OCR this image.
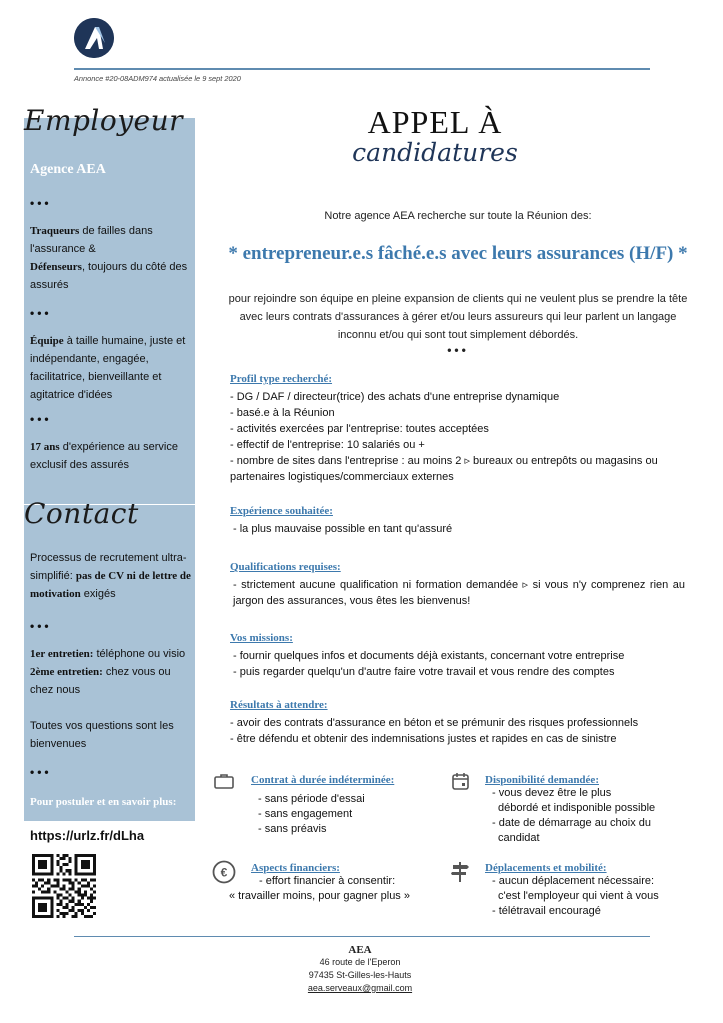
Annonce #20-08ADM974 actualisée le 9 sept 2020
Agence AEA
•••
Traqueurs de failles dans l'assurance &
Défenseurs, toujours du côté des assurés
•••
Équipe à taille humaine, juste et indépendante, engagée, facilitatrice, bienveillante et agitatrice d'idées
•••
17 ans d'expérience au service exclusif des assurés
Employeur
Processus de recrutement ultra-simplifié: pas de CV ni de lettre de motivation exigés
•••
1er entretien: téléphone ou visio
2ème entretien: chez vous ou chez nous
Toutes vos questions sont les bienvenues
•••
Pour postuler et en savoir plus:
Contact
https://urlz.fr/dLha
APPEL À
candidatures
Notre agence AEA recherche sur toute la Réunion des:
* entrepreneur.e.s fâché.e.s avec leurs assurances (H/F) *
pour rejoindre son équipe en pleine expansion de clients qui ne veulent plus se prendre la tête avec leurs contrats d'assurances à gérer et/ou leurs assureurs qui leur parlent un langage inconnu et/ou qui sont tout simplement débordés.
•••
Profil type recherché:
- DG / DAF / directeur(trice) des achats d'une entreprise dynamique
- basé.e à la Réunion
- activités exercées par l'entreprise: toutes acceptées
- effectif de l'entreprise: 10 salariés ou +
- nombre de sites dans l'entreprise : au moins 2 ▹ bureaux ou entrepôts ou magasins ou partenaires logistiques/commerciaux externes
Expérience souhaitée:
- la plus mauvaise possible en tant qu'assuré
Qualifications requises:
- strictement aucune qualification ni formation demandée ▹ si vous n'y comprenez rien au jargon des assurances, vous êtes les bienvenus!
Vos missions:
- fournir quelques infos et documents déjà existants, concernant votre entreprise
- puis regarder quelqu'un d'autre faire votre travail et vous rendre des comptes
Résultats à attendre:
- avoir des contrats d'assurance en béton et se prémunir des risques professionnels
- être défendu et obtenir des indemnisations justes et rapides en cas de sinistre
Contrat à durée indéterminée:
- sans période d'essai
- sans engagement
- sans préavis
Disponibilité demandée:
- vous devez être le plus
débordé et indisponible possible
- date de démarrage au choix du
candidat
€	Aspects financiers:
- effort financier à consentir:
« travailler moins, pour gagner plus »
Déplacements et mobilité:
- aucun déplacement nécessaire:
c'est l'employeur qui vient à vous
- télétravail encouragé
AEA
46 route de l'Eperon
97435 St-Gilles-les-Hauts
aea.serveaux@gmail.com
